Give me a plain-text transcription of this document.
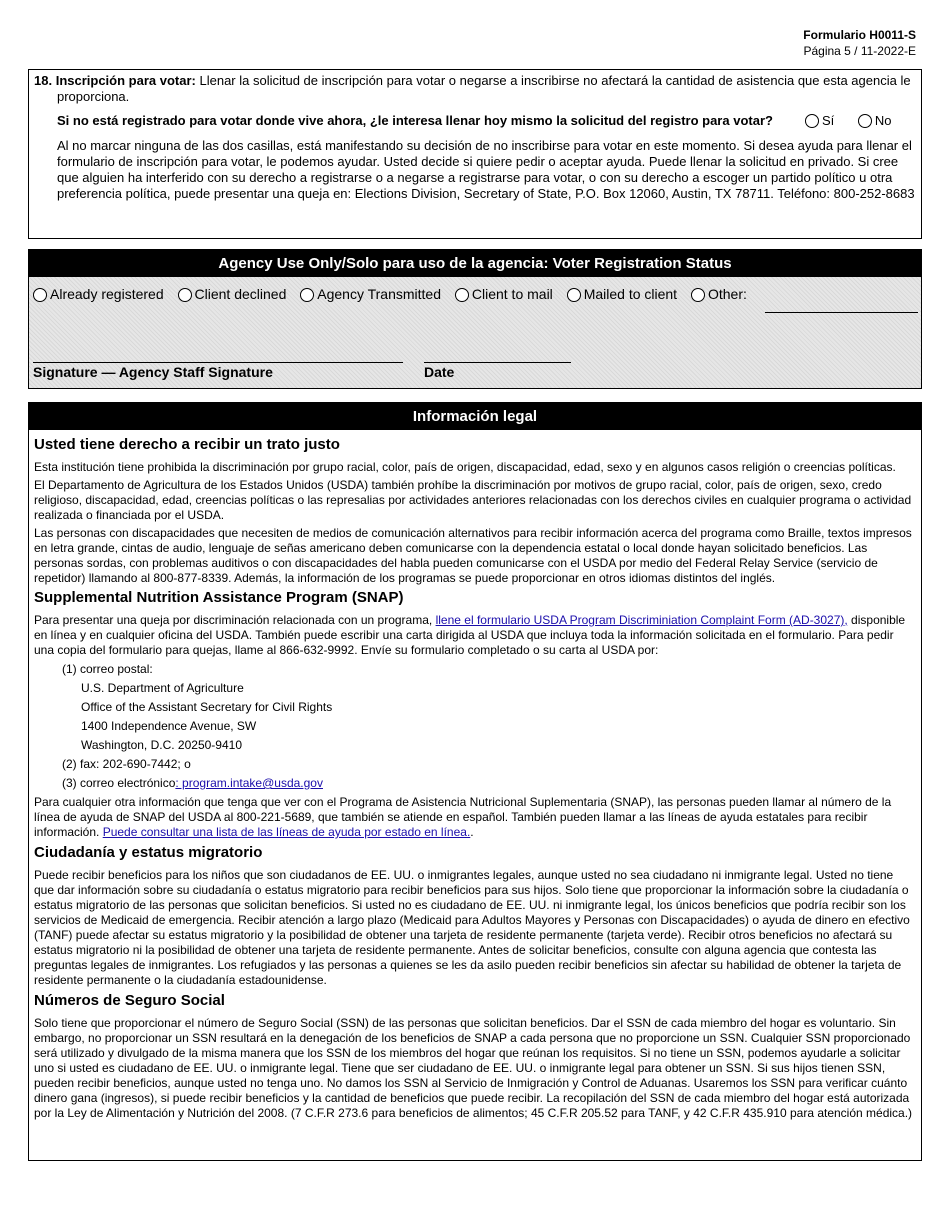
Formulario H0011-S
Página 5 / 11-2022-E

18. Inscripción para votar: Llenar la solicitud de inscripción para votar o negarse a inscribirse no afectará la cantidad de asistencia que esta agencia le proporciona.

Si no está registrado para votar donde vive ahora, ¿le interesa llenar hoy mismo la solicitud del registro para votar?	Sí	No

Al no marcar ninguna de las dos casillas, está manifestando su decisión de no inscribirse para votar en este momento. Si desea ayuda para llenar el formulario de inscripción para votar, le podemos ayudar. Usted decide si quiere pedir o aceptar ayuda. Puede llenar la solicitud en privado. Si cree que alguien ha interferido con su derecho a registrarse o a negarse a registrarse para votar, o con su derecho a escoger un partido político u otra preferencia política, puede presentar una queja en: Elections Division, Secretary of State, P.O. Box 12060, Austin, TX 78711. Teléfono: 800-252-8683

Agency Use Only/Solo para uso de la agencia: Voter Registration Status
Already registered Client declined Agency Transmitted Client to mail Mailed to client Other:
Signature — Agency Staff Signature	Date
Información legal
Usted tiene derecho a recibir un trato justo

Esta institución tiene prohibida la discriminación por grupo racial, color, país de origen, discapacidad, edad, sexo y en algunos casos religión o creencias políticas.

El Departamento de Agricultura de los Estados Unidos (USDA) también prohíbe la discriminación por motivos de grupo racial, color, país de origen, sexo, credo religioso, discapacidad, edad, creencias políticas o las represalias por actividades anteriores relacionadas con los derechos civiles en cualquier programa o actividad realizada o financiada por el USDA.

Las personas con discapacidades que necesiten de medios de comunicación alternativos para recibir información acerca del programa como Braille, textos impresos en letra grande, cintas de audio, lenguaje de señas americano deben comunicarse con la dependencia estatal o local donde hayan solicitado beneficios. Las personas sordas, con problemas auditivos o con discapacidades del habla pueden comunicarse con el USDA por medio del Federal Relay Service (servicio de repetidor) llamando al 800-877-8339. Además, la información de los programas se puede proporcionar en otros idiomas distintos del inglés.

Supplemental Nutrition Assistance Program (SNAP)

Para presentar una queja por discriminación relacionada con un programa, llene el formulario USDA Program Discriminiation Complaint Form (AD-3027), disponible en línea y en cualquier oficina del USDA. También puede escribir una carta dirigida al USDA que incluya toda la información solicitada en el formulario. Para pedir una copia del formulario para quejas, llame al 866-632-9992. Envíe su formulario completado o su carta al USDA por:

(1) correo postal:
U.S. Department of Agriculture
Office of the Assistant Secretary for Civil Rights
1400 Independence Avenue, SW
Washington, D.C. 20250-9410
(2) fax: 202-690-7442; o
(3) correo electrónico: program.intake@usda.gov

Para cualquier otra información que tenga que ver con el Programa de Asistencia Nutricional Suplementaria (SNAP), las personas pueden llamar al número de la línea de ayuda de SNAP del USDA al 800-221-5689, que también se atiende en español. También pueden llamar a las líneas de ayuda estatales para recibir información. Puede consultar una lista de las líneas de ayuda por estado en línea..

Ciudadanía y estatus migratorio

Puede recibir beneficios para los niños que son ciudadanos de EE. UU. o inmigrantes legales, aunque usted no sea ciudadano ni inmigrante legal. Usted no tiene que dar información sobre su ciudadanía o estatus migratorio para recibir beneficios para sus hijos. Solo tiene que proporcionar la información sobre la ciudadanía o estatus migratorio de las personas que solicitan beneficios. Si usted no es ciudadano de EE. UU. ni inmigrante legal, los únicos beneficios que podría recibir son los servicios de Medicaid de emergencia. Recibir atención a largo plazo (Medicaid para Adultos Mayores y Personas con Discapacidades) o ayuda de dinero en efectivo (TANF) puede afectar su estatus migratorio y la posibilidad de obtener una tarjeta de residente permanente (tarjeta verde). Recibir otros beneficios no afectará su estatus migratorio ni la posibilidad de obtener una tarjeta de residente permanente. Antes de solicitar beneficios, consulte con alguna agencia que contesta las preguntas legales de inmigrantes. Los refugiados y las personas a quienes se les da asilo pueden recibir beneficios sin afectar su habilidad de obtener la tarjeta de residente permanente o la ciudadanía estadounidense.

Números de Seguro Social

Solo tiene que proporcionar el número de Seguro Social (SSN) de las personas que solicitan beneficios. Dar el SSN de cada miembro del hogar es voluntario. Sin embargo, no proporcionar un SSN resultará en la denegación de los beneficios de SNAP a cada persona que no proporcione un SSN. Cualquier SSN proporcionado será utilizado y divulgado de la misma manera que los SSN de los miembros del hogar que reúnan los requisitos. Si no tiene un SSN, podemos ayudarle a solicitar uno si usted es ciudadano de EE. UU. o inmigrante legal. Tiene que ser ciudadano de EE. UU. o inmigrante legal para obtener un SSN. Si sus hijos tienen SSN, pueden recibir beneficios, aunque usted no tenga uno. No damos los SSN al Servicio de Inmigración y Control de Aduanas. Usaremos los SSN para verificar cuánto dinero gana (ingresos), si puede recibir beneficios y la cantidad de beneficios que puede recibir. La recopilación del SSN de cada miembro del hogar está autorizada por la Ley de Alimentación y Nutrición del 2008. (7 C.F.R 273.6 para beneficios de alimentos; 45 C.F.R 205.52 para TANF, y 42 C.F.R 435.910 para atención médica.)
